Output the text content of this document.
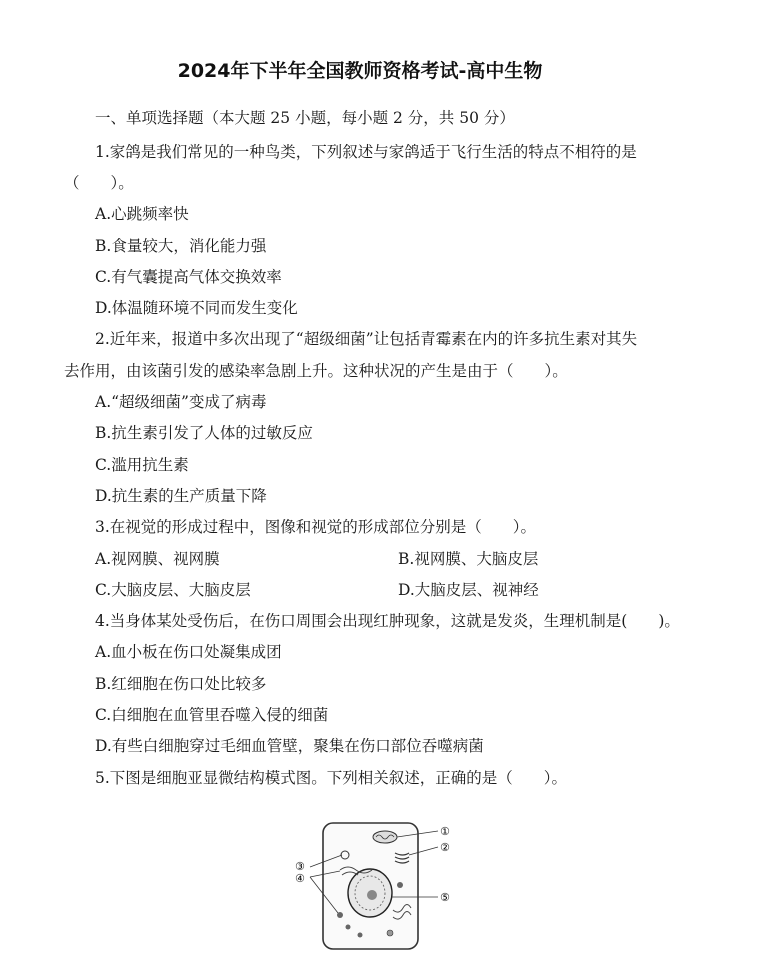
2024年下半年全国教师资格考试-高中生物
一、单项选择题（本大题 25 小题，每小题 2 分，共 50 分）
1.家鸽是我们常见的一种鸟类，下列叙述与家鸽适于飞行生活的特点不相符的是
（　　）。
A.心跳频率快
B.食量较大，消化能力强
C.有气囊提高气体交换效率
D.体温随环境不同而发生变化
2.近年来，报道中多次出现了“超级细菌”让包括青霉素在内的许多抗生素对其失
去作用，由该菌引发的感染率急剧上升。这种状况的产生是由于（　　）。
A.“超级细菌”变成了病毒
B.抗生素引发了人体的过敏反应
C.滥用抗生素
D.抗生素的生产质量下降
3.在视觉的形成过程中，图像和视觉的形成部位分别是（　　）。
A.视网膜、视网膜	B.视网膜、大脑皮层
C.大脑皮层、大脑皮层	D.大脑皮层、视神经
4.当身体某处受伤后，在伤口周围会出现红肿现象，这就是发炎，生理机制是(　　)。
A.血小板在伤口处凝集成团
B.红细胞在伤口处比较多
C.白细胞在血管里吞噬入侵的细菌
D.有些白细胞穿过毛细血管壁，聚集在伤口部位吞噬病菌
5.下图是细胞亚显微结构模式图。下列相关叙述，正确的是（　　）。
①
②
③
④
⑤
